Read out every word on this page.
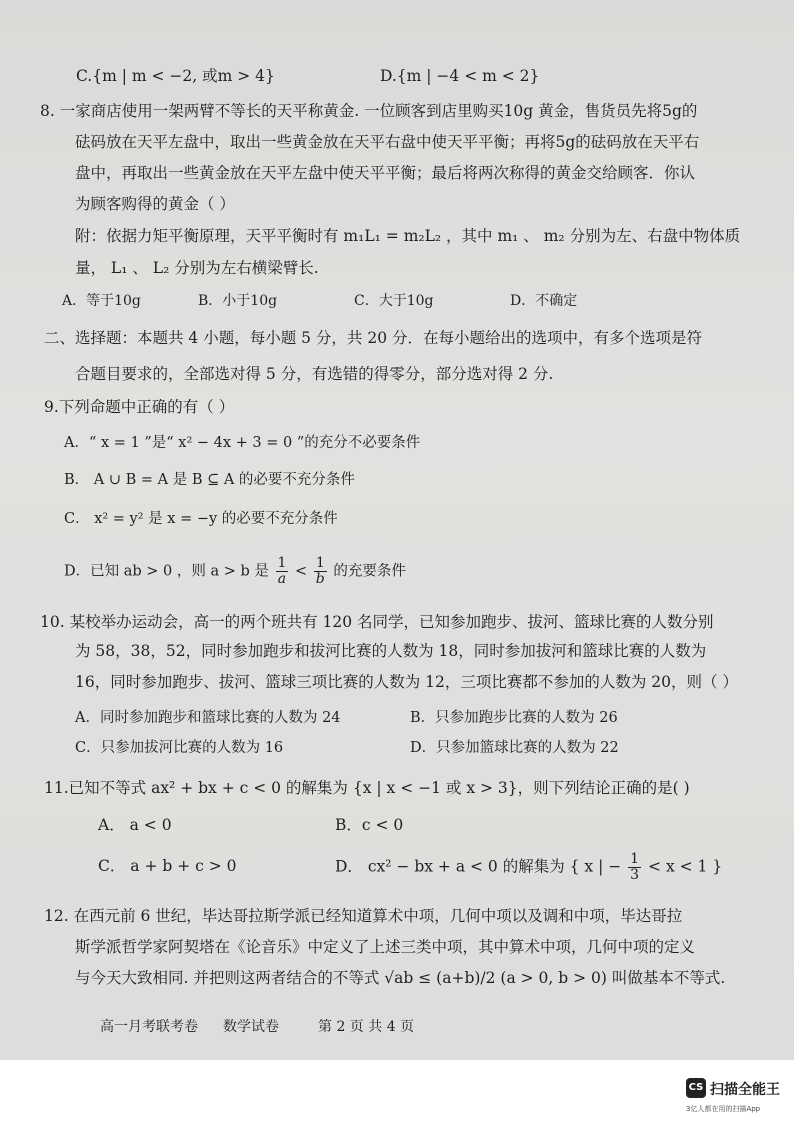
C.{m | m < −2, 或m > 4}	D.{m | −4 < m < 2}
8. 一家商店使用一架两臂不等长的天平称黄金. 一位顾客到店里购买10g 黄金，售货员先将5g的
砝码放在天平左盘中，取出一些黄金放在天平右盘中使天平平衡；再将5g的砝码放在天平右
盘中，再取出一些黄金放在天平左盘中使天平平衡；最后将两次称得的黄金交给顾客．你认
为顾客购得的黄金（ ）
附：依据力矩平衡原理，天平平衡时有 m₁L₁ = m₂L₂ ，其中 m₁ 、 m₂ 分别为左、右盘中物体质
量， L₁ 、 L₂ 分别为左右横梁臂长.
A．等于10g	B．小于10g	C．大于10g	D．不确定
二、选择题：本题共 4 小题，每小题 5 分，共 20 分．在每小题给出的选项中，有多个选项是符
合题目要求的，全部选对得 5 分，有选错的得零分，部分选对得 2 分.
9.下列命题中正确的有（ ）
A．“ x = 1 ”是“ x² − 4x + 3 = 0 ”的充分不必要条件
B． A ∪ B = A 是 B ⊆ A 的必要不充分条件
C． x² = y² 是 x = −y 的必要不充分条件
D．已知 ab > 0 ，则 a > b 是 $\frac{1}{a} < \frac{1}{b}$ 的充要条件
10. 某校举办运动会，高一的两个班共有 120 名同学，已知参加跑步、拔河、篮球比赛的人数分别
为 58，38，52，同时参加跑步和拔河比赛的人数为 18，同时参加拔河和篮球比赛的人数为
16，同时参加跑步、拔河、篮球三项比赛的人数为 12，三项比赛都不参加的人数为 20，则（ ）
A．同时参加跑步和篮球比赛的人数为 24	B．只参加跑步比赛的人数为 26
C．只参加拔河比赛的人数为 16	D．只参加篮球比赛的人数为 22
11.已知不等式 ax² + bx + c < 0 的解集为 {x | x < −1 或 x > 3}，则下列结论正确的是( )
A． a < 0	B．c < 0
C． a + b + c > 0	D． cx² − bx + a < 0 的解集为 { x | − $\frac{1}{3} < x < 1$ }
12. 在西元前 6 世纪，毕达哥拉斯学派已经知道算术中项，几何中项以及调和中项，毕达哥拉
斯学派哲学家阿契塔在《论音乐》中定义了上述三类中项，其中算术中项，几何中项的定义
与今天大致相同. 并把则这两者结合的不等式 √ab ≤ (a+b)/2 (a > 0, b > 0) 叫做基本不等式.
高一月考联考卷 数学试卷	第 2 页 共 4 页
CS 扫描全能王
3亿人都在用的扫描App
